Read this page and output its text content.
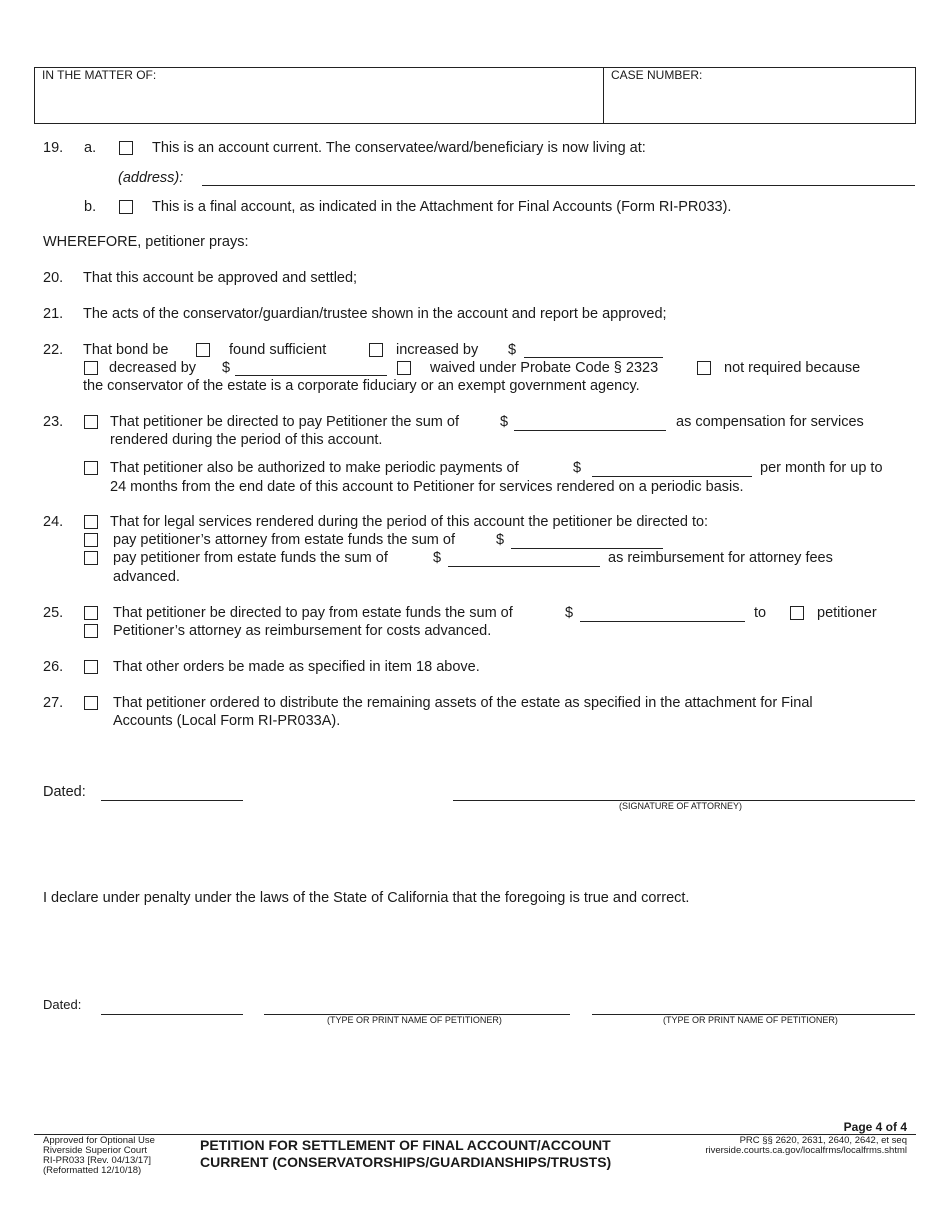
IN THE MATTER OF:	CASE NUMBER:
19. a.	This is an account current. The conservatee/ward/beneficiary is now living at:
(address):
b.	This is a final account, as indicated in the Attachment for Final Accounts (Form RI-PR033).
WHEREFORE, petitioner prays:
20. That this account be approved and settled;
21. The acts of the conservator/guardian/trustee shown in the account and report be approved;
22. That bond be	found sufficient	increased by $
decreased by $	waived under Probate Code § 2323	not required because
the conservator of the estate is a corporate fiduciary or an exempt government agency.
23.	That petitioner be directed to pay Petitioner the sum of	$	as compensation for services
rendered during the period of this account.
That petitioner also be authorized to make periodic payments of	$	per month for up to
24 months from the end date of this account to Petitioner for services rendered on a periodic basis.
24.	That for legal services rendered during the period of this account the petitioner be directed to:
pay petitioner’s attorney from estate funds the sum of	$
pay petitioner from estate funds the sum of	$	as reimbursement for attorney fees
advanced.
25.	That petitioner be directed to pay from estate funds the sum of	$	to	petitioner
Petitioner’s attorney as reimbursement for costs advanced.
26.	That other orders be made as specified in item 18 above.
27.	That petitioner ordered to distribute the remaining assets of the estate as specified in the attachment for Final
Accounts (Local Form RI-PR033A).
Dated:
(SIGNATURE OF ATTORNEY)
I declare under penalty under the laws of the State of California that the foregoing is true and correct.
Dated:
(TYPE OR PRINT NAME OF PETITIONER)	(TYPE OR PRINT NAME OF PETITIONER)
Page 4 of 4
Approved for Optional Use
Riverside Superior Court
RI-PR033 [Rev. 04/13/17]
(Reformatted 12/10/18)
PETITION FOR SETTLEMENT OF FINAL ACCOUNT/ACCOUNT
CURRENT (CONSERVATORSHIPS/GUARDIANSHIPS/TRUSTS)
PRC §§ 2620, 2631, 2640, 2642, et seq
riverside.courts.ca.gov/localfrms/localfrms.shtml
